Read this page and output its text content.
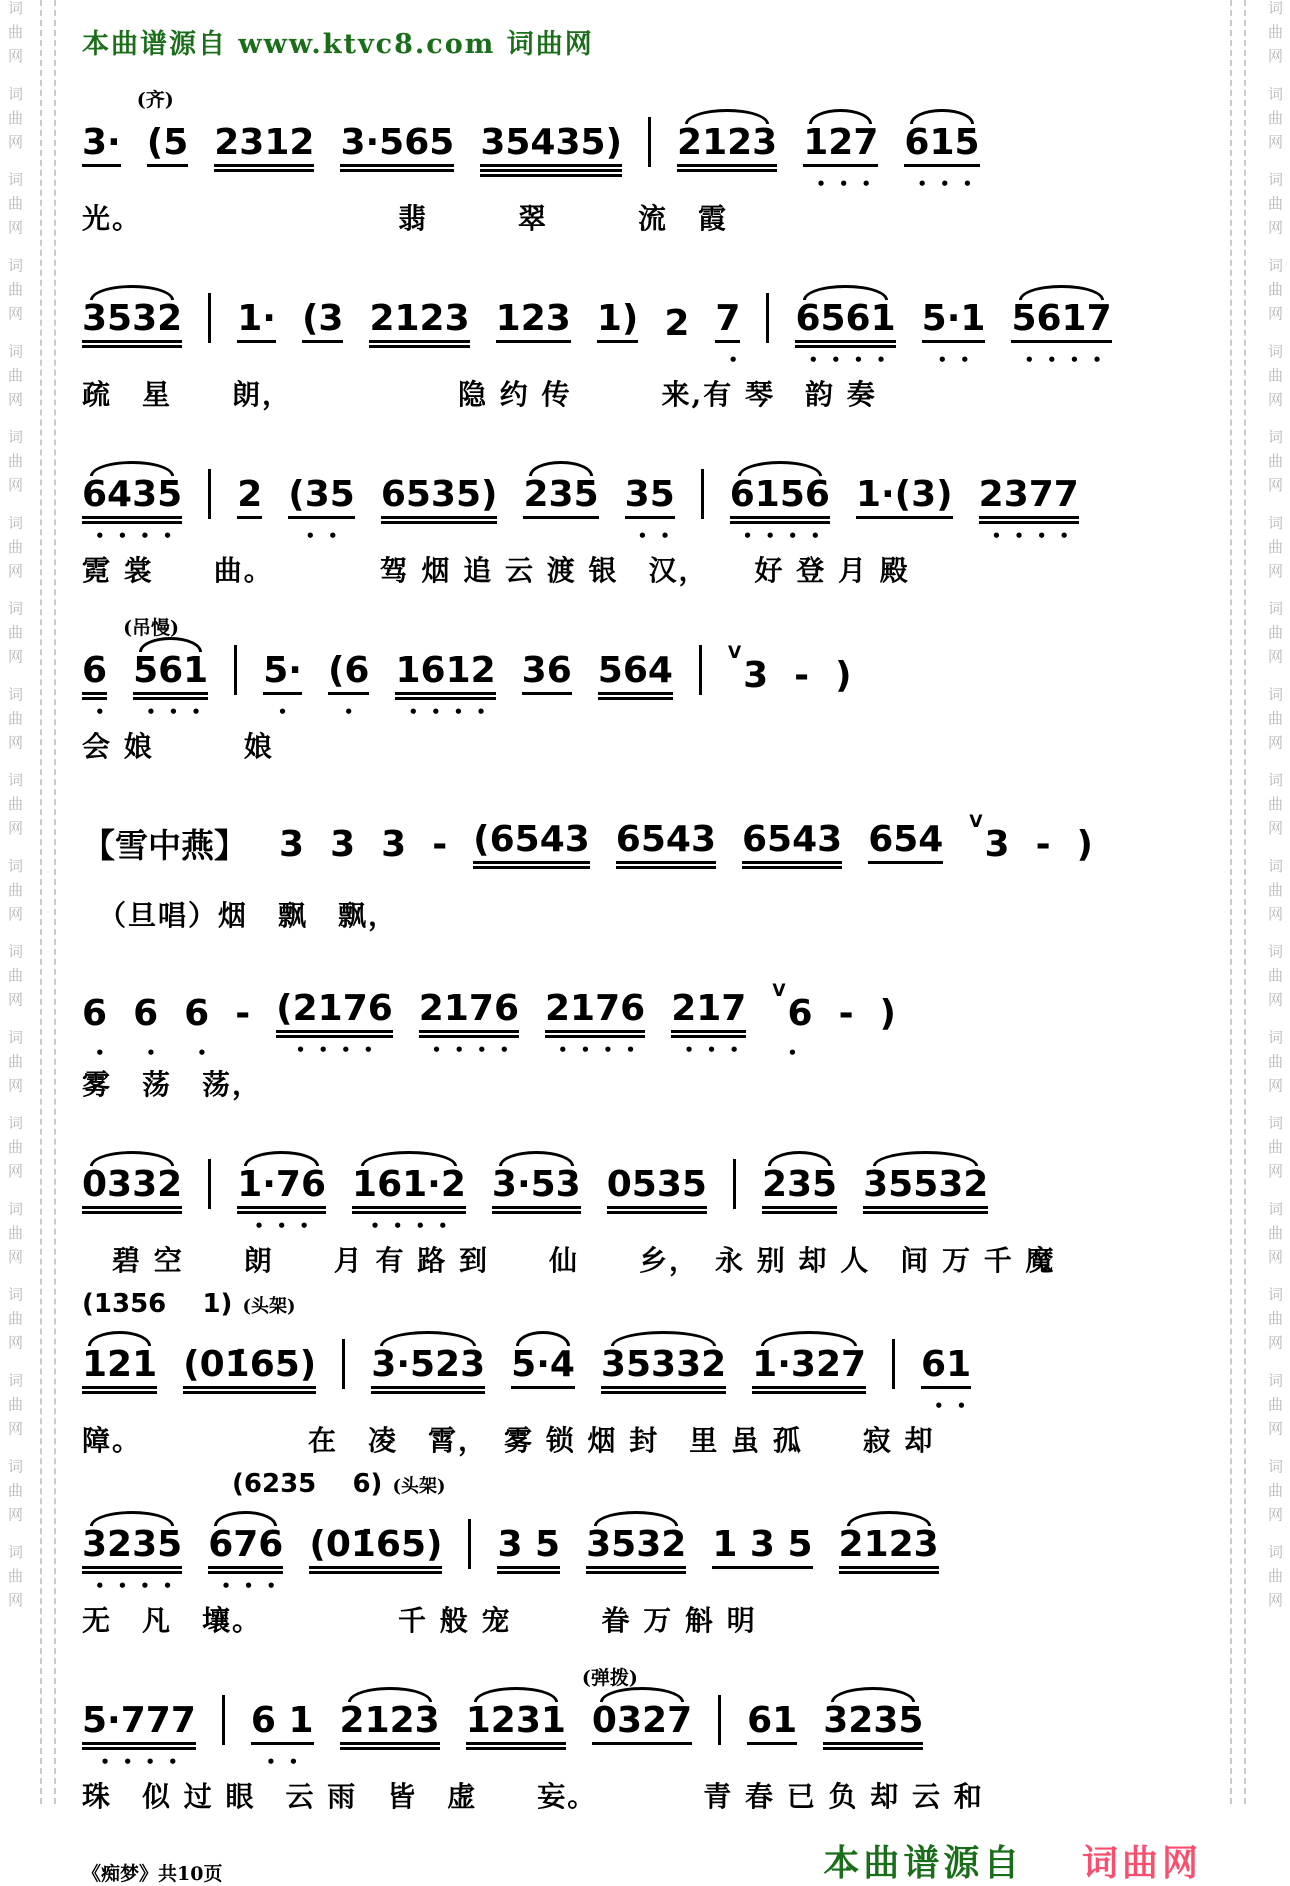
词曲网 词曲网 词曲网 词曲网 词曲网 词曲网 词曲网 词曲网 词曲网 词曲网 词曲网 词曲网 词曲网 词曲网 词曲网 词曲网 词曲网 词曲网 词曲网	词曲网 词曲网 词曲网 词曲网 词曲网 词曲网 词曲网 词曲网 词曲网 词曲网 词曲网 词曲网 词曲网 词曲网 词曲网 词曲网 词曲网 词曲网 词曲网
本曲谱源自 www.ktvc8.com 词曲网
3· (5
(齐)
2312 3·565 35435) 2123 127
•••
615
•••
光。　　　　　　　　　翡　　　翠　　　流　霞
3532 1· (3 2123 123 1) 2 7
•
6561
••••
5·1
••
5617
••••
疏　星　　朗，　　　　　　隐 约 传　　　来,有 琴　韵 奏
6435
••••
2 (35
••
6535) 235 35
••
6156
••••
1·(3) 2377
••••
霓 裳　　曲。　　　　驾 烟 追 云 渡 银　汉，　　好 登 月 殿
6
•
561
•••
(吊慢)
5·
•
(6
•
1612
••••
36 564	$^V$3 - )
会 娘　　　娘
【雪中燕】 3 3 3 - (6543 6543 6543 654 $^V$3 - )
　（旦唱）烟　飘　飘，
6
•
6
•
6
•
- (2176
••••
2176
••••
2176
••••
217
•••
$^V$6
•
- )
雾　荡　荡，
0332 1·76
•••
161·2
••••
3·53 0535 235 35532
　碧 空　　朗　　月 有 路 到　　仙　　乡，　永 别 却 人　间 万 千 魔
(1356    1) (头架)
121 (01̇65) 3·523 5·4 35332 1·327 61
••
障。　　　　　　在　凌　霄，　雾 锁 烟 封　里 虽 孤　　寂 却
(6235    6) (头架)
3235
••••
676
•••
(01̇65) 3 5 3532 1 3 5 2123
无　凡　壤。　　　　　千 般 宠　　　眷 万 斛 明
5·777
••••
6 1
••
2123 1231 0327
(弹拨)
61 3235
珠　似 过 眼　云 雨　皆　虚　　妄。　　　　青 春 已 负 却 云 和
《痴梦》共10页	本曲谱源自 词曲网
